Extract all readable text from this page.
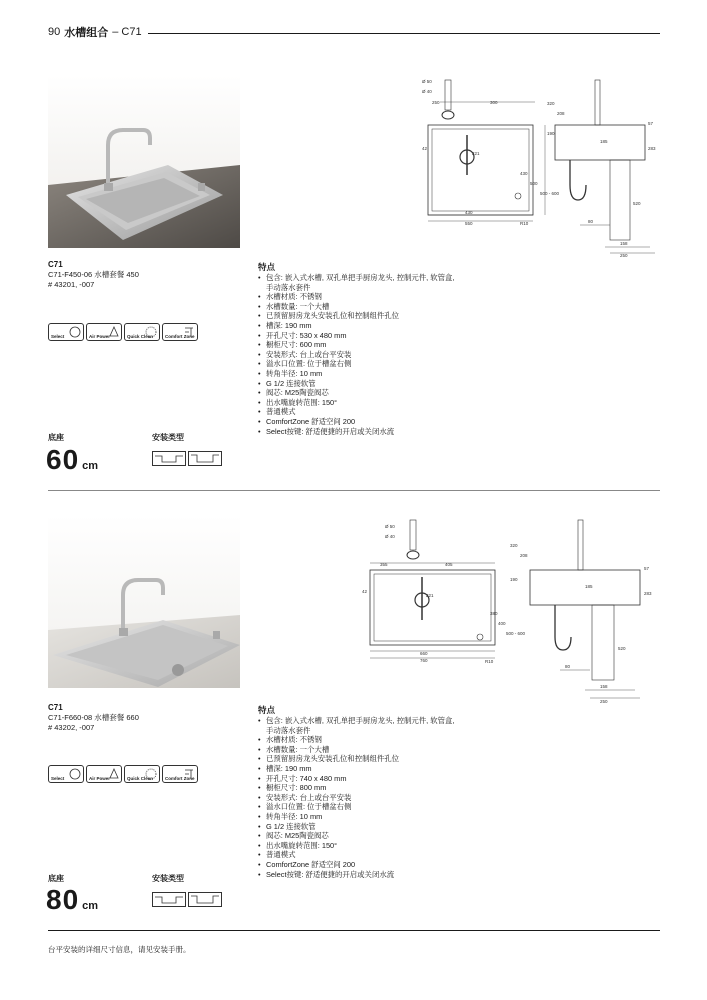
90 水槽组合 – C71
Ø 50
Ø 40
250	300
42
221
430
550
430
500
500 - 600
R10
320
208
190
185
57
283
520
80
158
250
C71
C71-F450-06 水槽套餐 450
# 43201, -007
Select	Air Power	Quick Clean	Comfort Zone
底座
60 cm
安装类型
特点
• 包含: 嵌入式水槽, 双孔单把手厨房龙头, 控制元件, 软管盒, 手动落水套件
• 水槽材质: 不锈钢
• 水槽数量: 一个大槽
• 已预留厨房龙头安装孔位和控制组件孔位
• 槽深: 190 mm
• 开孔尺寸: 530 x 480 mm
• 橱柜尺寸: 600 mm
• 安装形式: 台上或台平安装
• 溢水口位置: 位于槽盆右侧
• 转角半径: 10 mm
• G 1/2 连接软管
• 阀芯: M25陶瓷阀芯
• 出水嘴旋转范围: 150°
• 普通模式
• ComfortZone 舒适空间 200
• Select按键: 舒适便捷的开启或关闭水流
Ø 50
Ø 40
355	405
42
221
660
760
380
400
500 - 600
R10
320
208
190
185
57
283
520
80
158
250
C71
C71-F660-08 水槽套餐 660
# 43202, -007
Select	Air Power	Quick Clean	Comfort Zone
底座
80 cm
安装类型
特点
• 包含: 嵌入式水槽, 双孔单把手厨房龙头, 控制元件, 软管盒, 手动落水套件
• 水槽材质: 不锈钢
• 水槽数量: 一个大槽
• 已预留厨房龙头安装孔位和控制组件孔位
• 槽深: 190 mm
• 开孔尺寸: 740 x 480 mm
• 橱柜尺寸: 800 mm
• 安装形式: 台上或台平安装
• 溢水口位置: 位于槽盆右侧
• 转角半径: 10 mm
• G 1/2 连接软管
• 阀芯: M25陶瓷阀芯
• 出水嘴旋转范围: 150°
• 普通模式
• ComfortZone 舒适空间 200
• Select按键: 舒适便捷的开启或关闭水流
台平安装的详细尺寸信息，请见安装手册。
